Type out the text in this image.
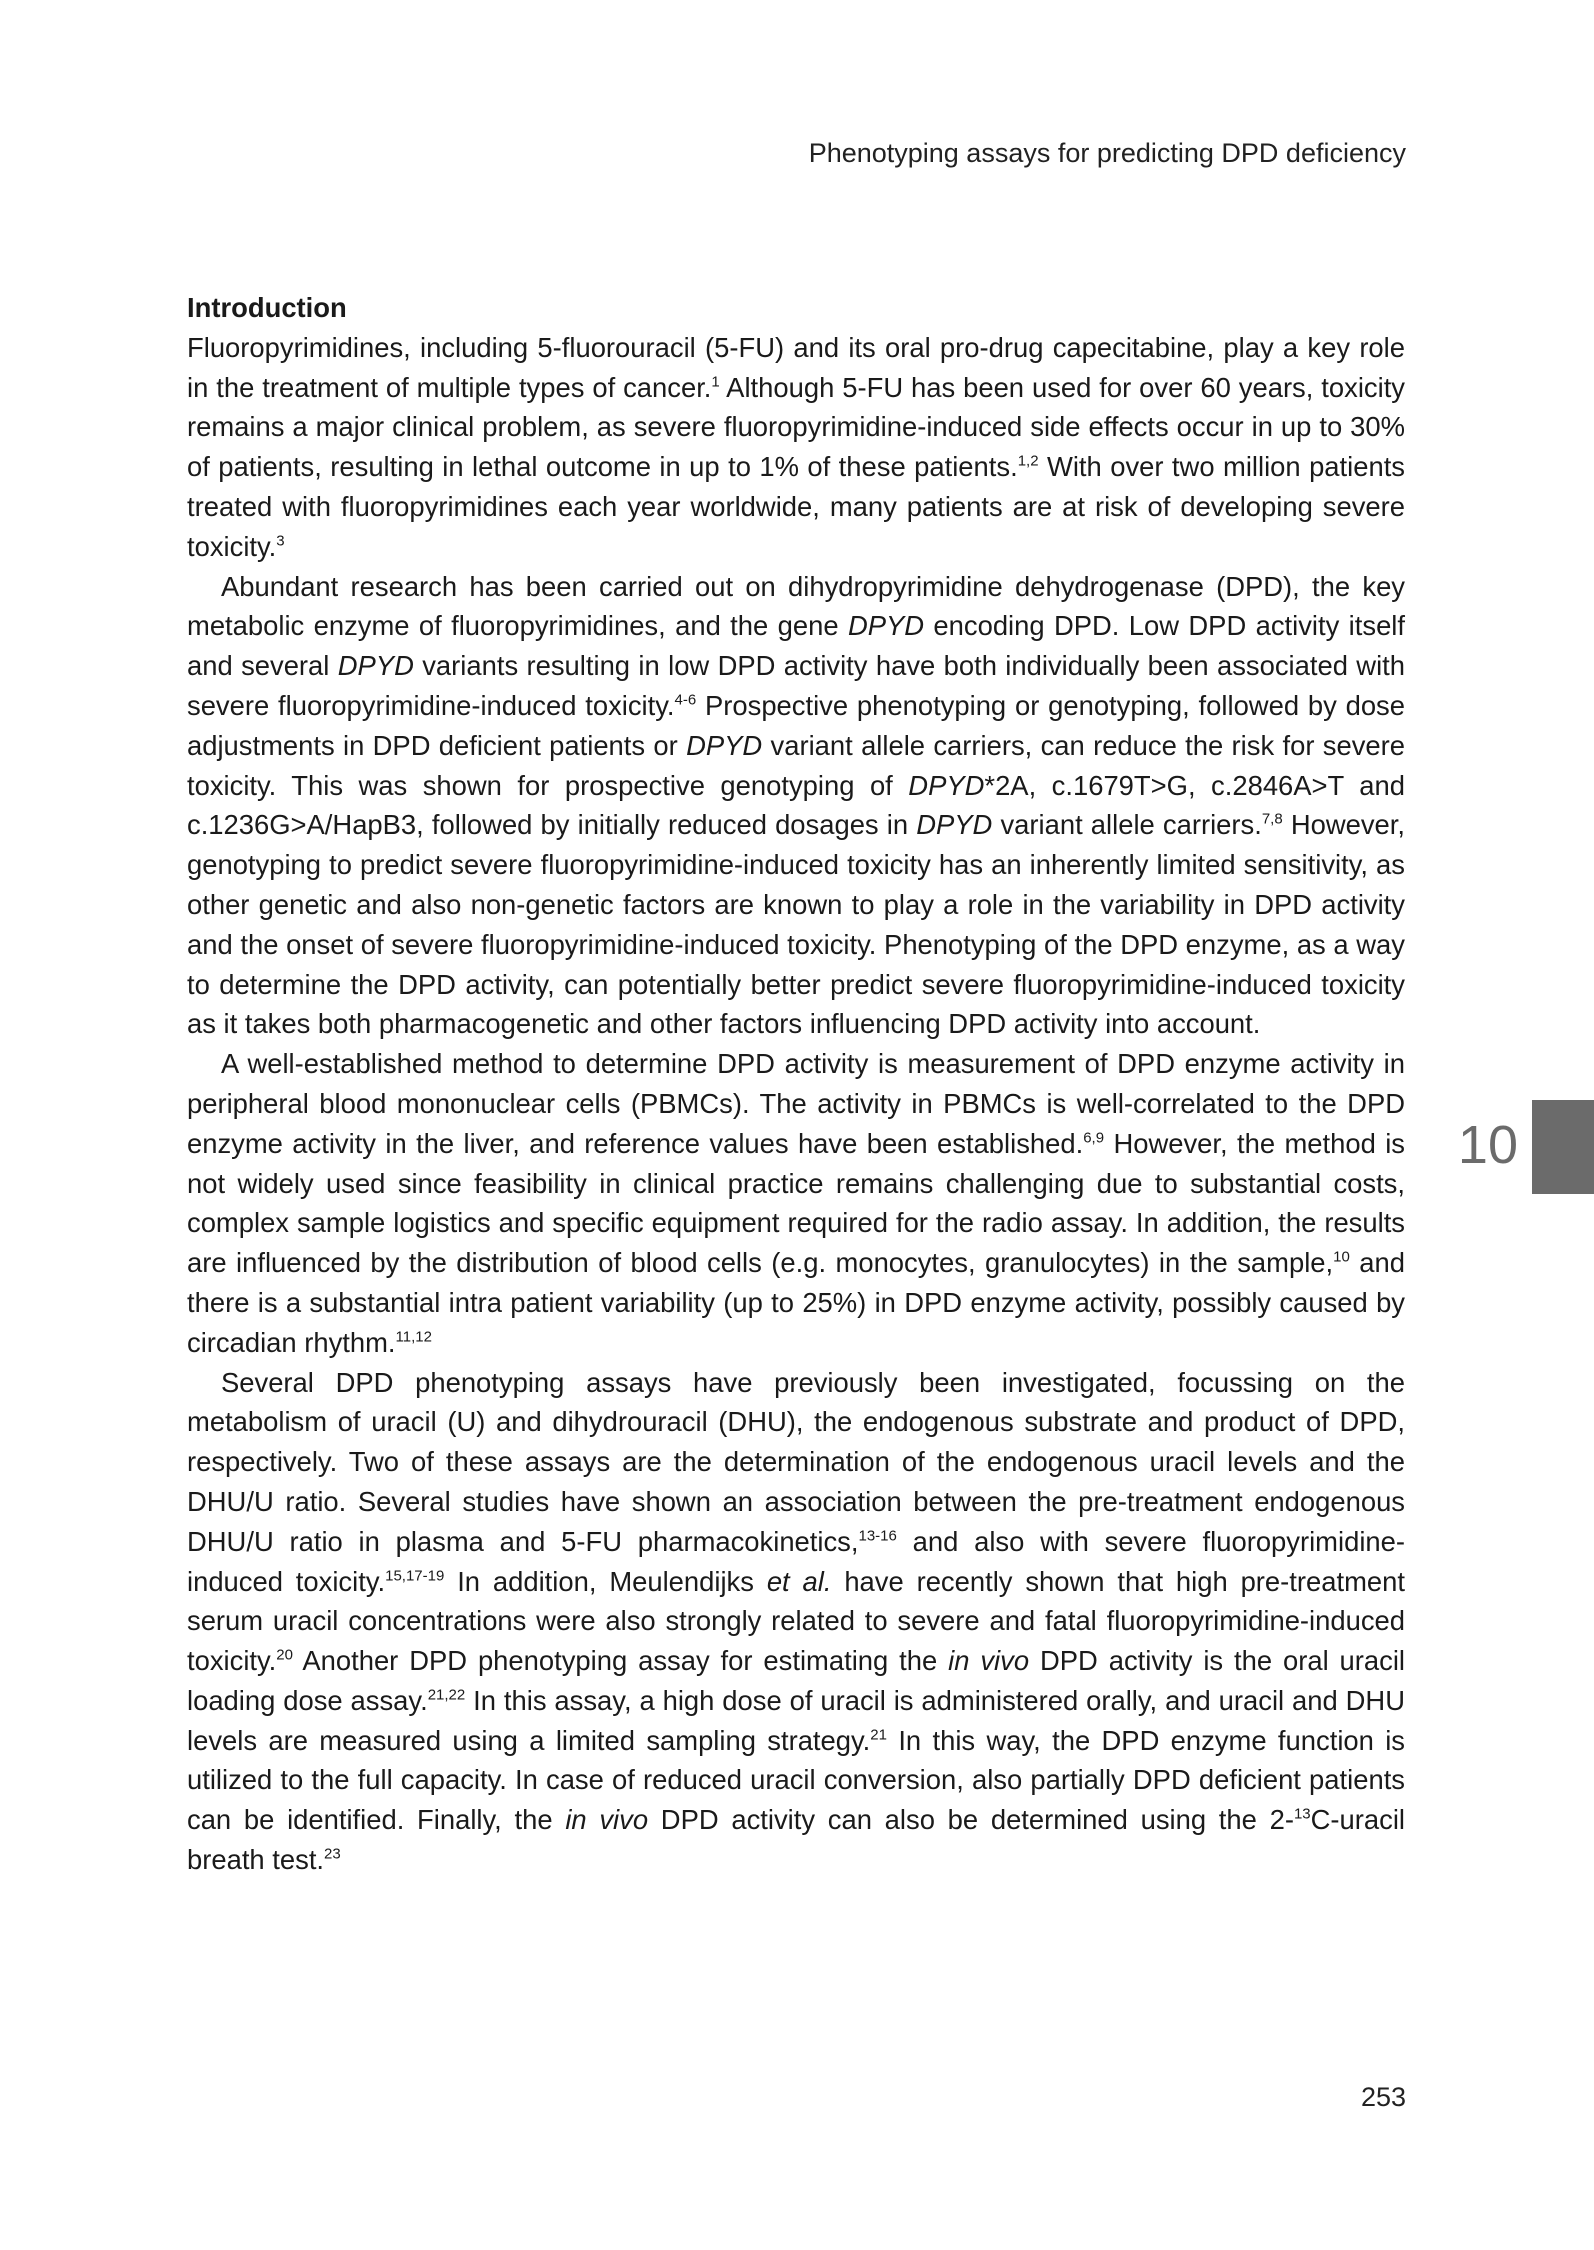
Phenotyping assays for predicting DPD deficiency
10
Introduction

Fluoropyrimidines, including 5-fluorouracil (5-FU) and its oral pro-drug capecitabine, play a key role in the treatment of multiple types of cancer.$^1$ Although 5-FU has been used for over 60 years, toxicity remains a major clinical problem, as severe fluoropyrimidine-induced side effects occur in up to 30% of patients, resulting in lethal outcome in up to 1% of these patients.$^{1,2}$ With over two million patients treated with fluoropyrimidines each year worldwide, many patients are at risk of developing severe toxicity.$^3$

Abundant research has been carried out on dihydropyrimidine dehydrogenase (DPD), the key metabolic enzyme of fluoropyrimidines, and the gene DPYD encoding DPD. Low DPD activity itself and several DPYD variants resulting in low DPD activity have both individually been associated with severe fluoropyrimidine-induced toxicity.$^{4-6}$ Prospective phenotyping or genotyping, followed by dose adjustments in DPD deficient patients or DPYD variant allele carriers, can reduce the risk for severe toxicity. This was shown for prospective genotyping of DPYD*2A, c.1679T>G, c.2846A>T and c.1236G>A/HapB3, followed by initially reduced dosages in DPYD variant allele carriers.$^{7,8}$ However, genotyping to predict severe fluoropyrimidine-induced toxicity has an inherently limited sensitivity, as other genetic and also non-genetic factors are known to play a role in the variability in DPD activity and the onset of severe fluoropyrimidine-induced toxicity. Phenotyping of the DPD enzyme, as a way to determine the DPD activity, can potentially better predict severe fluoropyrimidine-induced toxicity as it takes both pharmacogenetic and other factors influencing DPD activity into account.

A well-established method to determine DPD activity is measurement of DPD enzyme activity in peripheral blood mononuclear cells (PBMCs). The activity in PBMCs is well-correlated to the DPD enzyme activity in the liver, and reference values have been established.$^{6,9}$ However, the method is not widely used since feasibility in clinical practice remains challenging due to substantial costs, complex sample logistics and specific equipment required for the radio assay. In addition, the results are influenced by the distribution of blood cells (e.g. monocytes, granulocytes) in the sample,$^{10}$ and there is a substantial intra patient variability (up to 25%) in DPD enzyme activity, possibly caused by circadian rhythm.$^{11,12}$

Several DPD phenotyping assays have previously been investigated, focussing on the metabolism of uracil (U) and dihydrouracil (DHU), the endogenous substrate and product of DPD, respectively. Two of these assays are the determination of the endogenous uracil levels and the DHU/U ratio. Several studies have shown an association between the pre-treatment endogenous DHU/U ratio in plasma and 5-FU pharmacokinetics,$^{13-16}$ and also with severe fluoropyrimidine-induced toxicity.$^{15,17-19}$ In addition, Meulendijks et al. have recently shown that high pre-treatment serum uracil concentrations were also strongly related to severe and fatal fluoropyrimidine-induced toxicity.$^{20}$ Another DPD phenotyping assay for estimating the in vivo DPD activity is the oral uracil loading dose assay.$^{21,22}$ In this assay, a high dose of uracil is administered orally, and uracil and DHU levels are measured using a limited sampling strategy.$^{21}$ In this way, the DPD enzyme function is utilized to the full capacity. In case of reduced uracil conversion, also partially DPD deficient patients can be identified. Finally, the in vivo DPD activity can also be determined using the 2-$^{13}$C-uracil breath test.$^{23}$

253
